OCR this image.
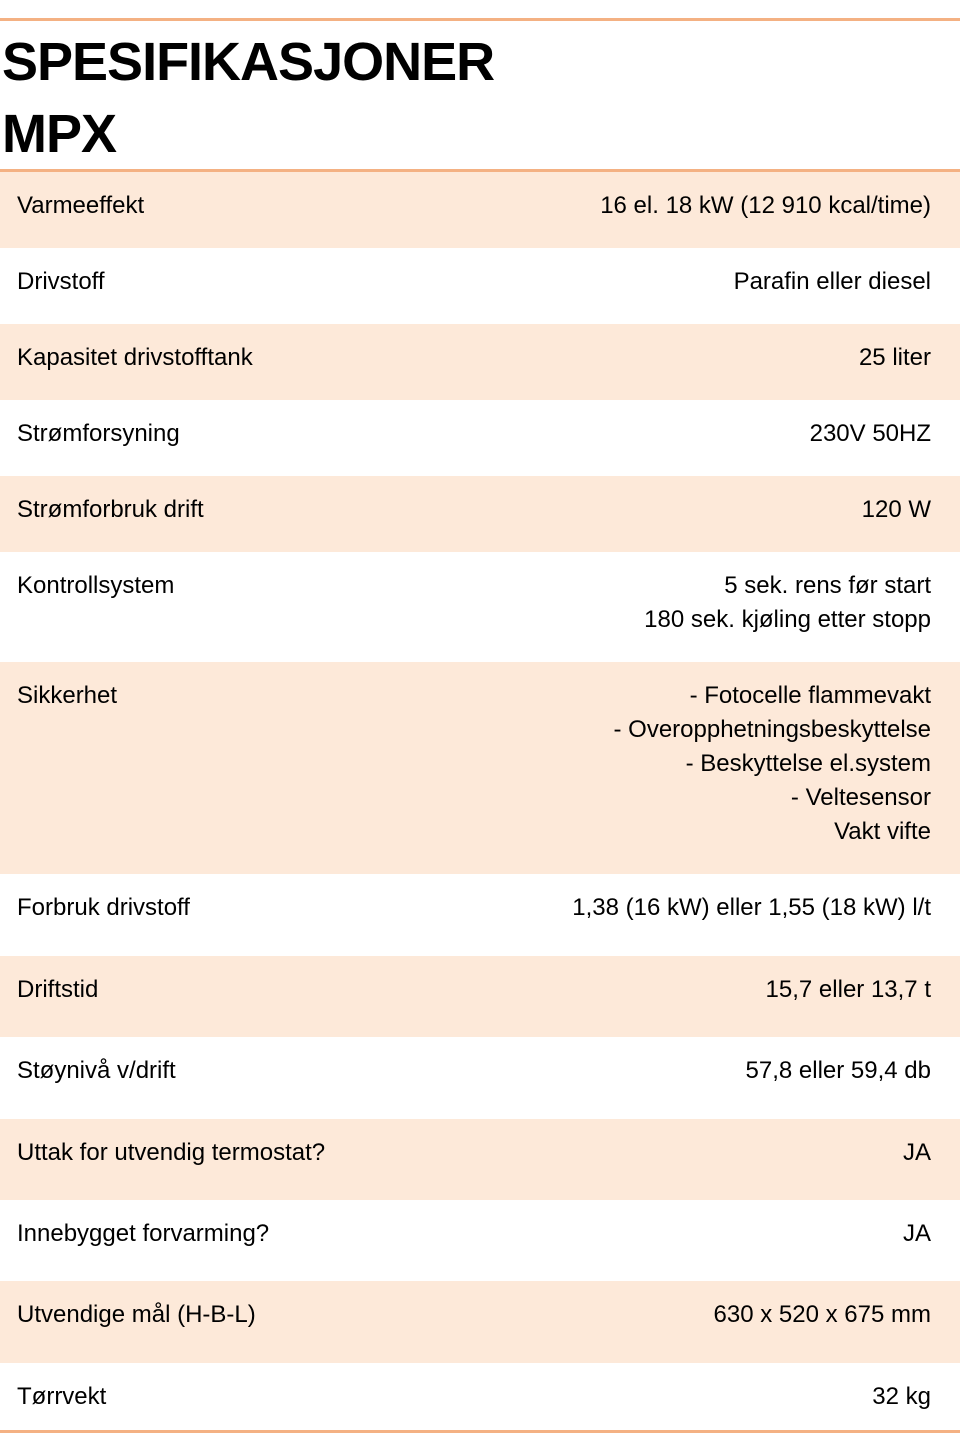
SPESIFIKASJONER
MPX
Varmeeffekt	16 el. 18 kW (12 910 kcal/time)
Drivstoff	Parafin eller diesel
Kapasitet drivstofftank	25 liter
Strømforsyning	230V 50HZ
Strømforbruk drift	120 W
Kontrollsystem	5 sek. rens før start
180 sek. kjøling etter stopp
Sikkerhet	- Fotocelle flammevakt
- Overopphetningsbeskyttelse
- Beskyttelse el.system
- Veltesensor
Vakt vifte
Forbruk drivstoff	1,38 (16 kW) eller 1,55 (18 kW) l/t
Driftstid	15,7 eller 13,7 t
Støynivå v/drift	57,8 eller 59,4 db
Uttak for utvendig termostat?	JA
Innebygget forvarming?	JA
Utvendige mål (H-B-L)	630 x 520 x 675 mm
Tørrvekt	32 kg
